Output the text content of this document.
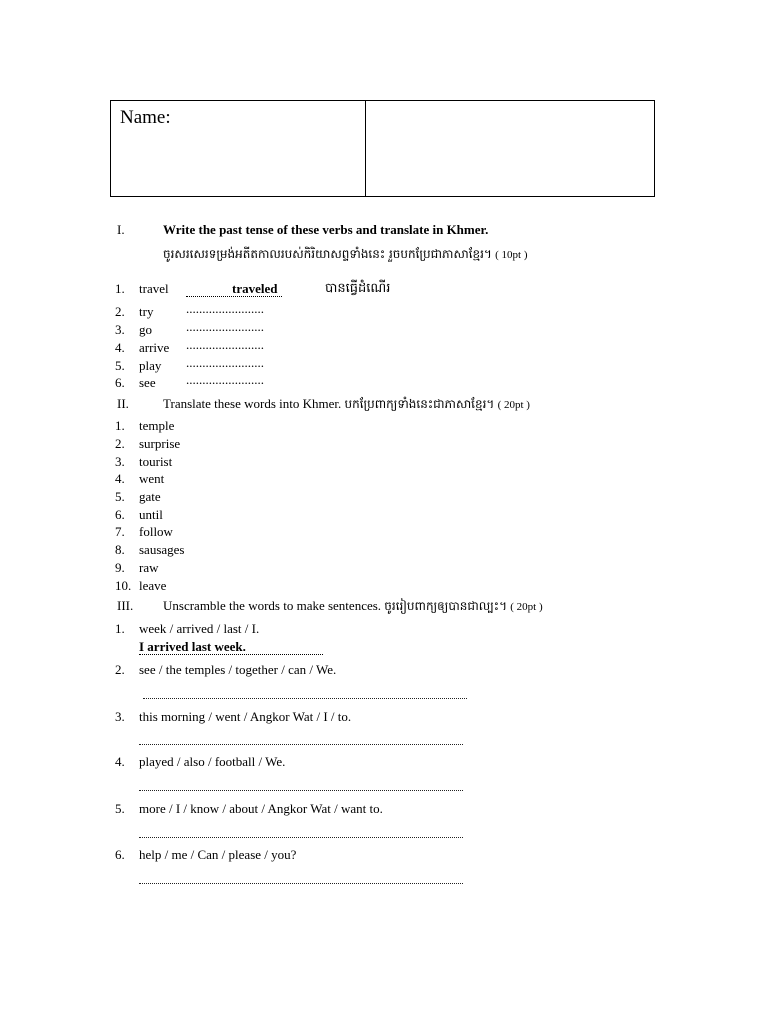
Name:
I.	Write the past tense of these verbs and translate in Khmer.
ចូរសរសេរទម្រង់អតីតកាលរបស់កិរិយាសព្ទទាំងនេះ រួចបកប្រែជាភាសាខ្មែរ។ ( 10pt )
1.	travel	traveled	បានធ្វើដំណើរ
2.	try	........................
3.	go	........................
4.	arrive ........................
5.	play ........................
6.	see ........................
II.	Translate these words into Khmer. បកប្រែពាក្យទាំងនេះជាភាសាខ្មែរ។ ( 20pt )
1.	temple
2.	surprise
3.	tourist
4.	went
5.	gate
6.	until
7.	follow
8.	sausages
9.	raw
10. leave
III. Unscramble the words to make sentences. ចូររៀបពាក្យឲ្យបានជាល្បះ។ ( 20pt )
1.	week / arrived / last / I.
I arrived last week.
2.	see / the temples / together / can / We.
3.	this morning / went / Angkor Wat / I / to.
4.	played / also / football / We.
5.	more / I / know / about / Angkor Wat / want to.
6.	help / me / Can / please / you?
